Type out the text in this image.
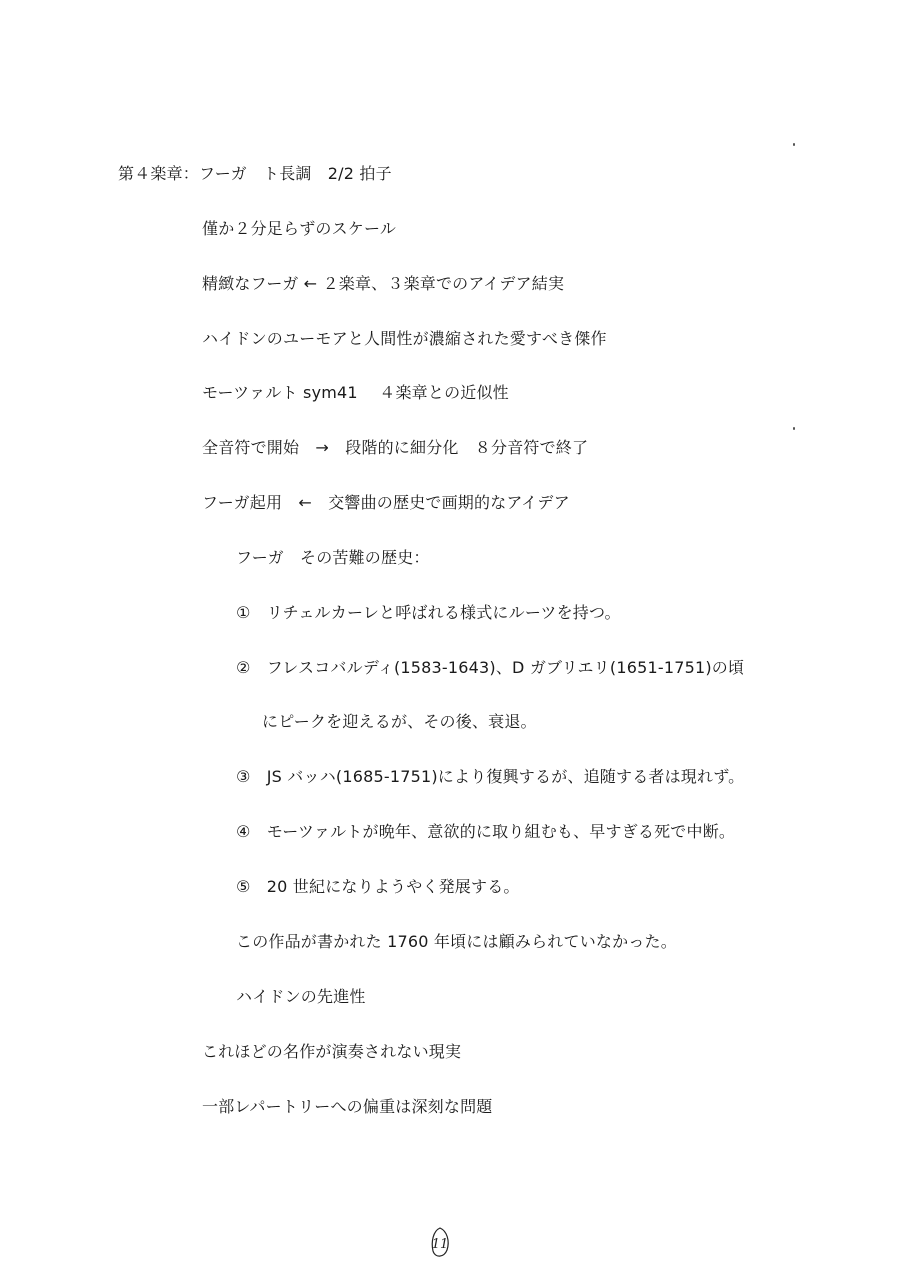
第４楽章：フーガ　ト長調　2/2 拍子
僅か２分足らずのスケール
精緻なフーガ ← ２楽章、３楽章でのアイデア結実
ハイドンのユーモアと人間性が濃縮された愛すべき傑作
モーツァルト sym41　 ４楽章との近似性
全音符で開始　→　段階的に細分化　８分音符で終了
フーガ起用　←　交響曲の歴史で画期的なアイデア
フーガ　その苦難の歴史：
①　リチェルカーレと呼ばれる様式にルーツを持つ。
②　フレスコバルディ(1583-1643)、D ガブリエリ(1651-1751)の頃
にピークを迎えるが、その後、衰退。
③　JS バッハ(1685-1751)により復興するが、追随する者は現れず。
④　モーツァルトが晩年、意欲的に取り組むも、早すぎる死で中断。
⑤　20 世紀になりようやく発展する。
この作品が書かれた 1760 年頃には顧みられていなかった。
ハイドンの先進性
これほどの名作が演奏されない現実
一部レパートリーへの偏重は深刻な問題
11
